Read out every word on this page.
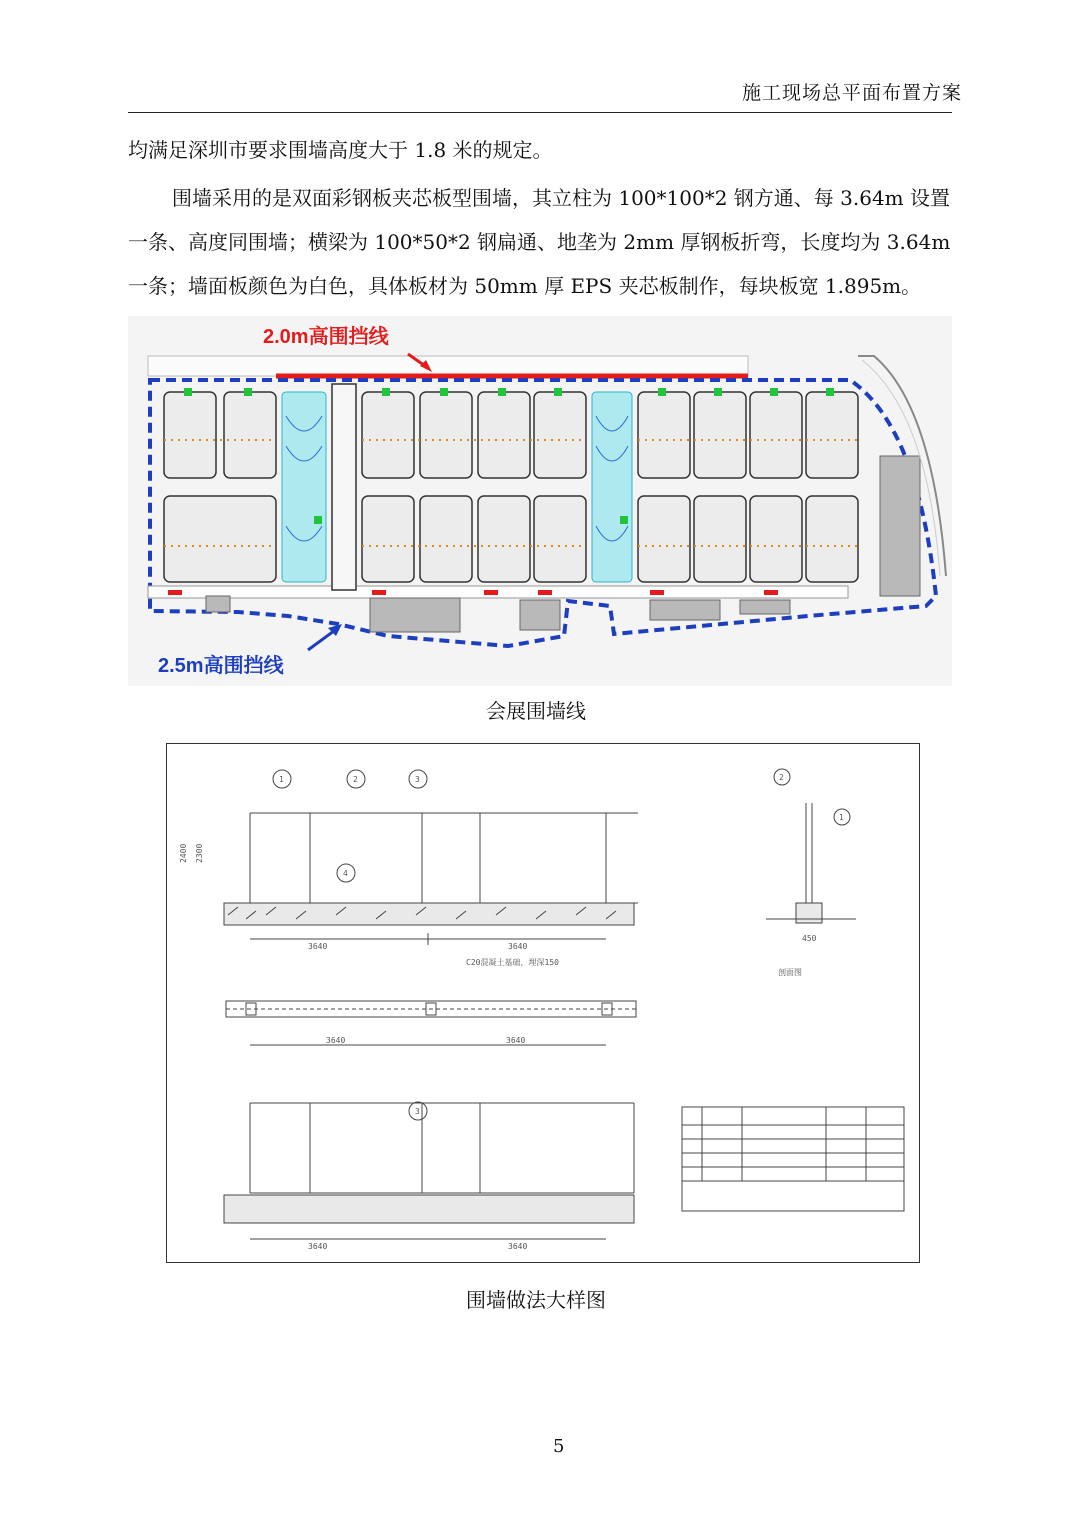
施工现场总平面布置方案

均满足深圳市要求围墙高度大于 1.8 米的规定。

围墙采用的是双面彩钢板夹芯板型围墙，其立柱为 100*100*2 钢方通、每 3.64m 设置一条、高度同围墙；横梁为 100*50*2 钢扁通、地垄为 2mm 厚钢板折弯，长度均为 3.64m 一条；墙面板颜色为白色，具体板材为 50mm 厚 EPS 夹芯板制作，每块板宽 1.895m。

2.0m高围挡线
2.5m高围挡线
会展围墙线
3640	3640
2400 2300
C20混凝土基础，埋深150
1	2	3
4
3
3640	3640
2
1
剖面图
450
3640	3640
围墙做法大样图
5
